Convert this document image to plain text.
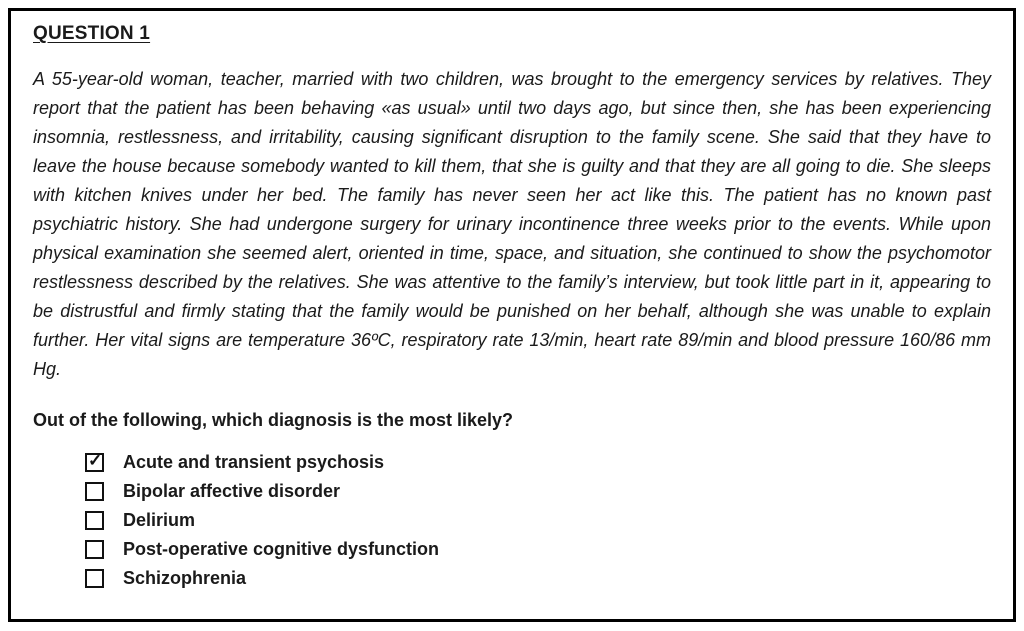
QUESTION 1

A 55-year-old woman, teacher, married with two children, was brought to the emergency services by relatives. They report that the patient has been behaving «as usual» until two days ago, but since then, she has been experiencing insomnia, restlessness, and irritability, causing significant disruption to the family scene. She said that they have to leave the house because somebody wanted to kill them, that she is guilty and that they are all going to die. She sleeps with kitchen knives under her bed. The family has never seen her act like this. The patient has no known past psychiatric history. She had undergone surgery for urinary incontinence three weeks prior to the events. While upon physical examination she seemed alert, oriented in time, space, and situation, she continued to show the psychomotor restlessness described by the relatives. She was attentive to the family’s interview, but took little part in it, appearing to be distrustful and firmly stating that the family would be punished on her behalf, although she was unable to explain further. Her vital signs are temperature 36ºC, respiratory rate 13/min, heart rate 89/min and blood pressure 160/86 mm Hg.

Out of the following, which diagnosis is the most likely?

✓ Acute and transient psychosis
Bipolar affective disorder
Delirium
Post-operative cognitive dysfunction
Schizophrenia
